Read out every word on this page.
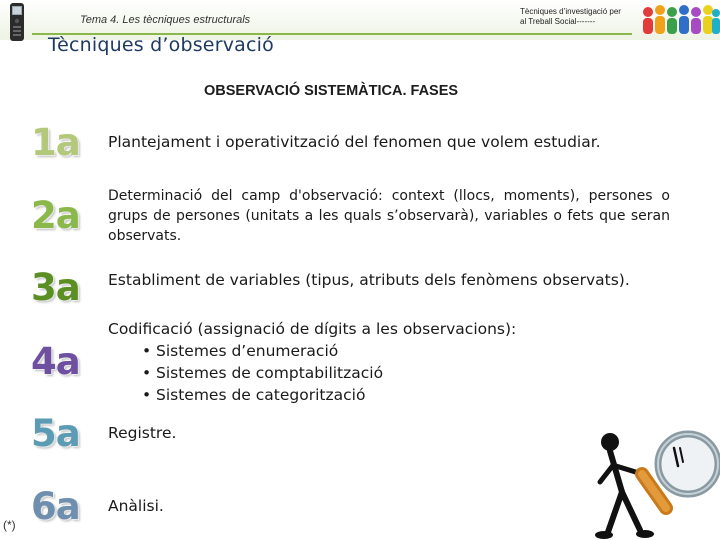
Tema 4. Les tècniques estructurals
Tècniques d’investigació per
al Treball Social-------
Tècniques d’observació
OBSERVACIÓ SISTEMÀTICA. FASES
1a
2a
3a
4a
5a
6a
Plantejament i operativització del fenomen que volem estudiar.
Determinació del camp d'observació: context (llocs, moments), persones o grups de persones (unitats a les quals s’observarà), variables o fets que seran observats.
Establiment de variables (tipus, atributs dels fenòmens observats).
Codificació (assignació de dígits a les observacions):
• Sistemes d’enumeració
• Sistemes de comptabilització
• Sistemes de categorització
Registre.
Anàlisi.
(*)
